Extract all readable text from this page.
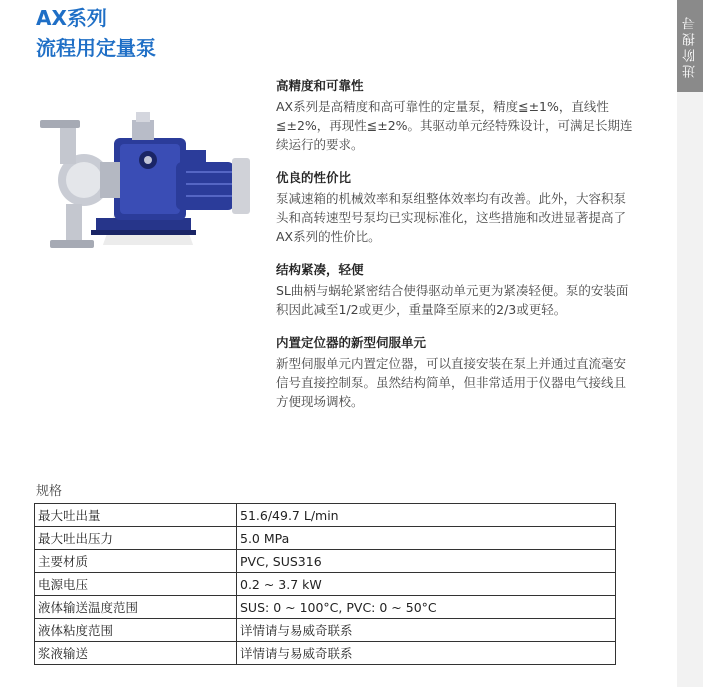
AX系列
流程用定量泵	进阶搜寻
高精度和可靠性

AX系列是高精度和高可靠性的定量泵，精度≦±1%，直线性≦±2%，再现性≦±2%。其驱动单元经特殊设计，可满足长期连续运行的要求。

优良的性价比

泵减速箱的机械效率和泵组整体效率均有改善。此外，大容积泵头和高转速型号泵均已实现标准化，这些措施和改进显著提高了AX系列的性价比。

结构紧凑，轻便

SL曲柄与蜗轮紧密结合使得驱动单元更为紧凑轻便。泵的安装面积因此减至1/2或更少，重量降至原来的2/3或更轻。

内置定位器的新型伺服单元

新型伺服单元内置定位器，可以直接安装在泵上并通过直流毫安信号直接控制泵。虽然结构简单，但非常适用于仪器电气接线且方便现场调校。

规格
最大吐出量	51.6/49.7 L/min
最大吐出压力	5.0 MPa
主要材质	PVC, SUS316
电源电压	0.2 ~ 3.7 kW
液体输送温度范围	SUS: 0 ~ 100°C, PVC: 0 ~ 50°C
液体粘度范围	详情请与易威奇联系
浆液输送	详情请与易威奇联系
